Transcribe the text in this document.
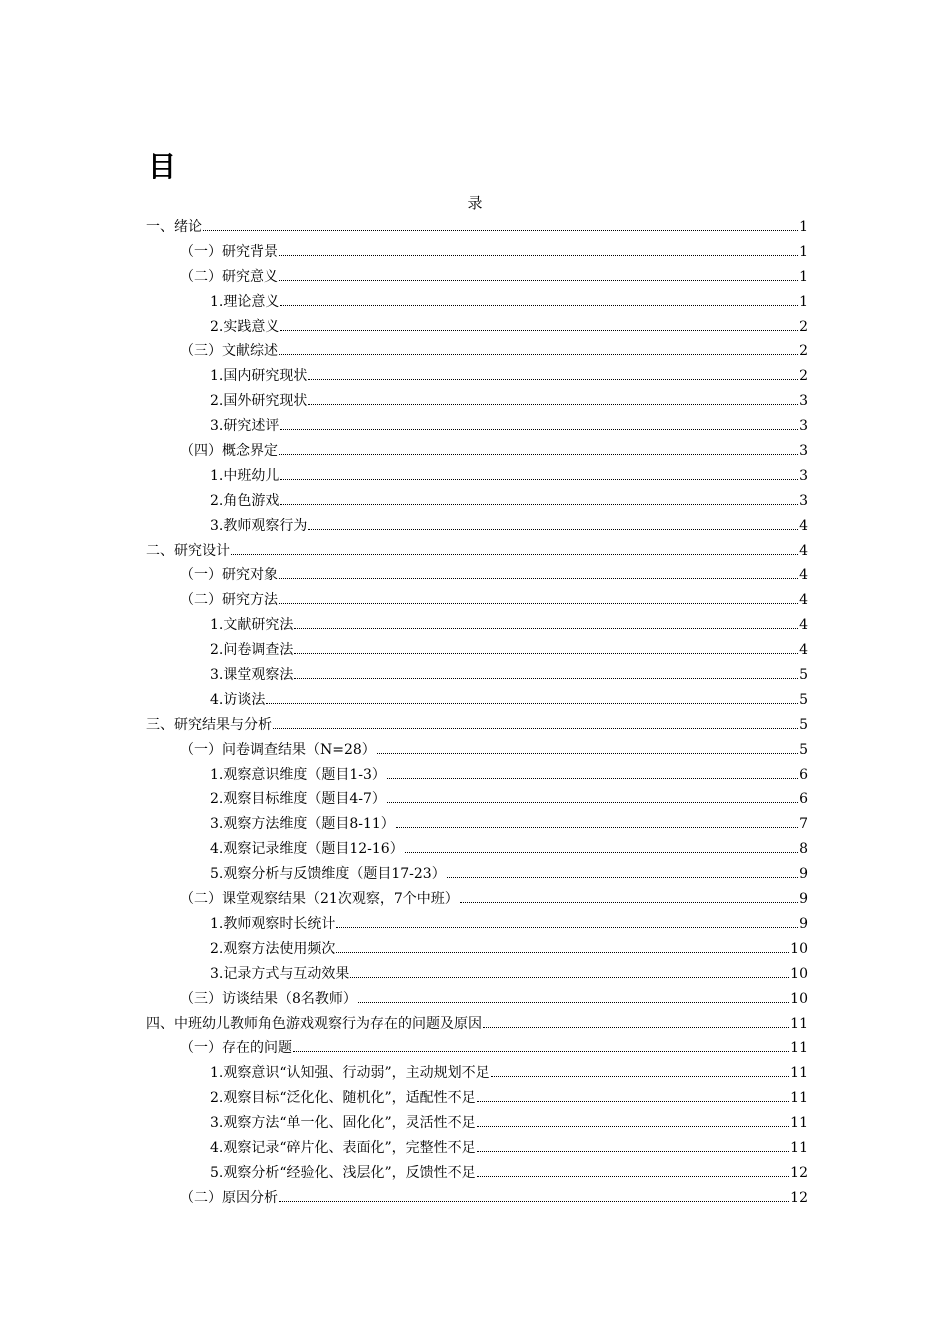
目
录
一、绪论	1
（一）研究背景	1
（二）研究意义	1
1.理论意义	1
2.实践意义	2
（三）文献综述	2
1.国内研究现状	2
2.国外研究现状	3
3.研究述评	3
（四）概念界定	3
1.中班幼儿	3
2.角色游戏	3
3.教师观察行为	4
二、研究设计	4
（一）研究对象	4
（二）研究方法	4
1.文献研究法	4
2.问卷调查法	4
3.课堂观察法	5
4.访谈法	5
三、研究结果与分析	5
（一）问卷调查结果（N=28）	5
1.观察意识维度（题目1-3）	6
2.观察目标维度（题目4-7）	6
3.观察方法维度（题目8-11）	7
4.观察记录维度（题目12-16）	8
5.观察分析与反馈维度（题目17-23）	9
（二）课堂观察结果（21次观察，7个中班）	9
1.教师观察时长统计	9
2.观察方法使用频次	10
3.记录方式与互动效果	10
（三）访谈结果（8名教师）	10
四、中班幼儿教师角色游戏观察行为存在的问题及原因	11
（一）存在的问题	11
1.观察意识“认知强、行动弱”，主动规划不足	11
2.观察目标“泛化化、随机化”，适配性不足	11
3.观察方法“单一化、固化化”，灵活性不足	11
4.观察记录“碎片化、表面化”，完整性不足	11
5.观察分析“经验化、浅层化”，反馈性不足	12
（二）原因分析	12
